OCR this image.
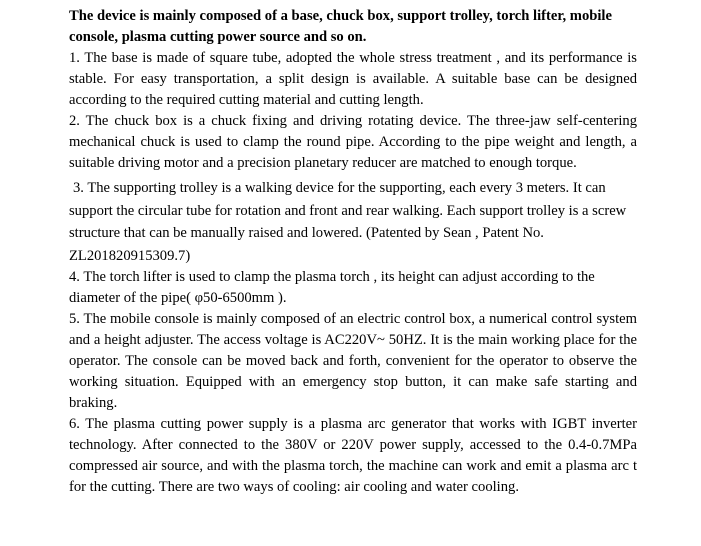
The device is mainly composed of a base, chuck box, support trolley, torch lifter, mobile console, plasma cutting power source and so on.

1. The base is made of square tube, adopted the whole stress treatment , and its performance is stable. For easy transportation, a split design is available. A suitable base can be designed according to the required cutting material and cutting length.

2. The chuck box is a chuck fixing and driving rotating device. The three-jaw self-centering mechanical chuck is used to clamp the round pipe. According to the pipe weight and length, a suitable driving motor and a precision planetary reducer are matched to enough torque.

3. The supporting trolley is a walking device for the supporting, each every 3 meters. It can support the circular tube for rotation and front and rear walking. Each support trolley is a screw structure that can be manually raised and lowered. (Patented by Sean , Patent No. ZL201820915309.7)

4. The torch lifter is used to clamp the plasma torch , its height can adjust according to the diameter of the pipe( φ50-6500mm ).

5. The mobile console is mainly composed of an electric control box, a numerical control system and a height adjuster. The access voltage is AC220V~ 50HZ. It is the main working place for the operator. The console can be moved back and forth, convenient for the operator to observe the working situation. Equipped with an emergency stop button, it can make safe starting and braking.

6. The plasma cutting power supply is a plasma arc generator that works with IGBT inverter technology. After connected to the 380V or 220V power supply, accessed to the 0.4-0.7MPa compressed air source, and with the plasma torch, the machine can work and emit a plasma arc t for the cutting. There are two ways of cooling: air cooling and water cooling.
